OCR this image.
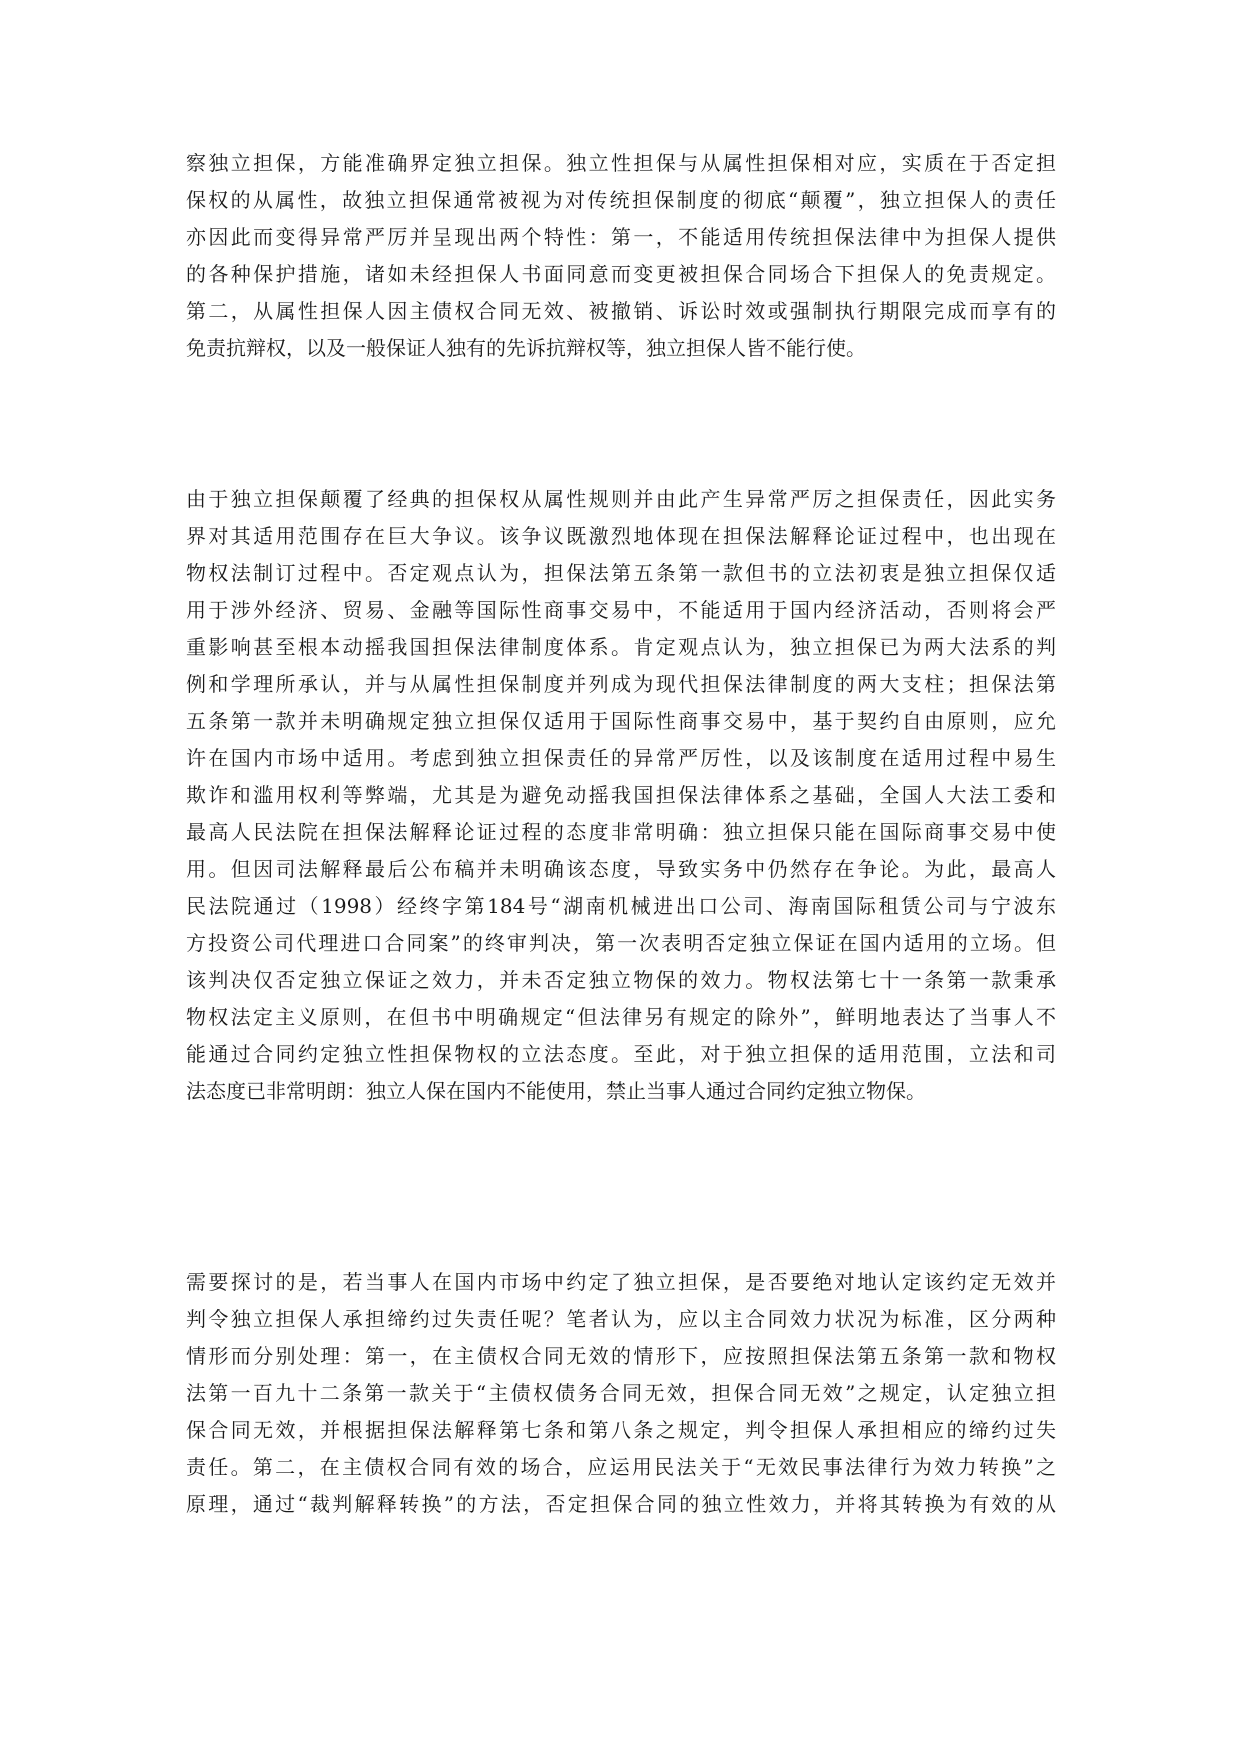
察独立担保，方能准确界定独立担保。独立性担保与从属性担保相对应，实质在于否定担
保权的从属性，故独立担保通常被视为对传统担保制度的彻底“颠覆”，独立担保人的责任
亦因此而变得异常严厉并呈现出两个特性：第一，不能适用传统担保法律中为担保人提供
的各种保护措施，诸如未经担保人书面同意而变更被担保合同场合下担保人的免责规定。
第二，从属性担保人因主债权合同无效、被撤销、诉讼时效或强制执行期限完成而享有的
免责抗辩权，以及一般保证人独有的先诉抗辩权等，独立担保人皆不能行使。
由于独立担保颠覆了经典的担保权从属性规则并由此产生异常严厉之担保责任，因此实务
界对其适用范围存在巨大争议。该争议既激烈地体现在担保法解释论证过程中，也出现在
物权法制订过程中。否定观点认为，担保法第五条第一款但书的立法初衷是独立担保仅适
用于涉外经济、贸易、金融等国际性商事交易中，不能适用于国内经济活动，否则将会严
重影响甚至根本动摇我国担保法律制度体系。肯定观点认为，独立担保已为两大法系的判
例和学理所承认，并与从属性担保制度并列成为现代担保法律制度的两大支柱；担保法第
五条第一款并未明确规定独立担保仅适用于国际性商事交易中，基于契约自由原则，应允
许在国内市场中适用。考虑到独立担保责任的异常严厉性，以及该制度在适用过程中易生
欺诈和滥用权利等弊端，尤其是为避免动摇我国担保法律体系之基础，全国人大法工委和
最高人民法院在担保法解释论证过程的态度非常明确：独立担保只能在国际商事交易中使
用。但因司法解释最后公布稿并未明确该态度，导致实务中仍然存在争论。为此，最高人
民法院通过（1998）经终字第184号“湖南机械进出口公司、海南国际租赁公司与宁波东
方投资公司代理进口合同案”的终审判决，第一次表明否定独立保证在国内适用的立场。但
该判决仅否定独立保证之效力，并未否定独立物保的效力。物权法第七十一条第一款秉承
物权法定主义原则，在但书中明确规定“但法律另有规定的除外”，鲜明地表达了当事人不
能通过合同约定独立性担保物权的立法态度。至此，对于独立担保的适用范围，立法和司
法态度已非常明朗：独立人保在国内不能使用，禁止当事人通过合同约定独立物保。
需要探讨的是，若当事人在国内市场中约定了独立担保，是否要绝对地认定该约定无效并
判令独立担保人承担缔约过失责任呢？笔者认为，应以主合同效力状况为标准，区分两种
情形而分别处理：第一，在主债权合同无效的情形下，应按照担保法第五条第一款和物权
法第一百九十二条第一款关于“主债权债务合同无效，担保合同无效”之规定，认定独立担
保合同无效，并根据担保法解释第七条和第八条之规定，判令担保人承担相应的缔约过失
责任。第二，在主债权合同有效的场合，应运用民法关于“无效民事法律行为效力转换”之
原理，通过“裁判解释转换”的方法，否定担保合同的独立性效力，并将其转换为有效的从
